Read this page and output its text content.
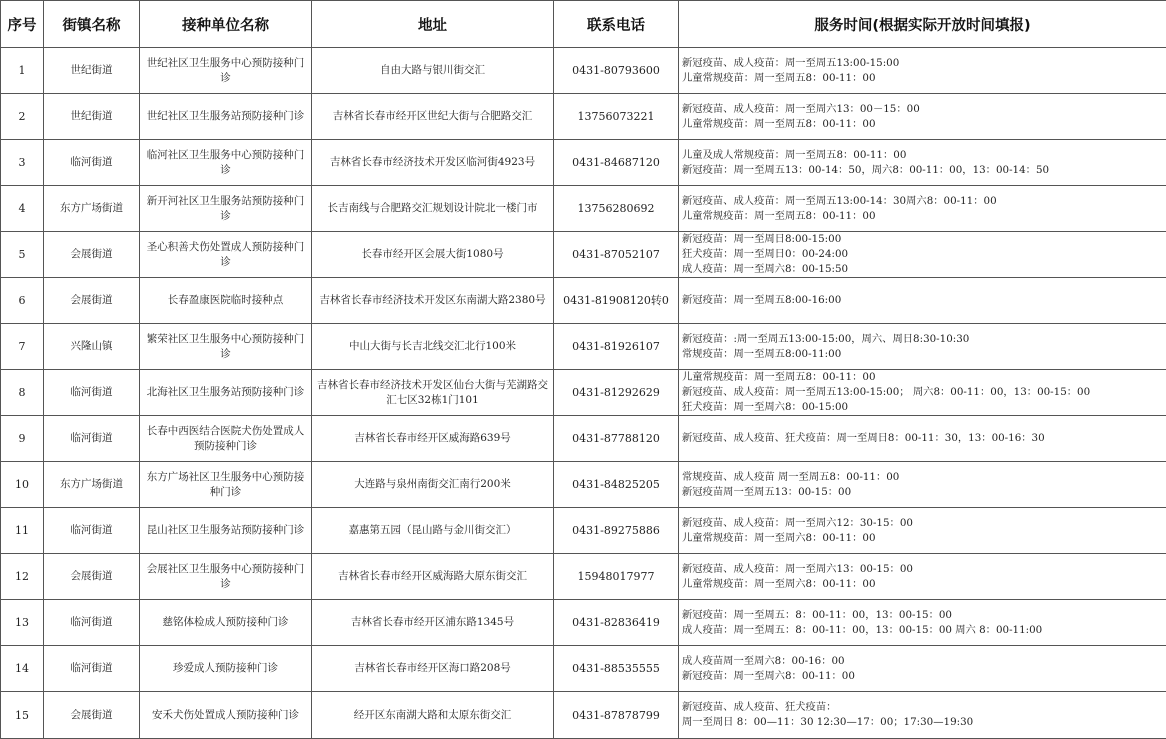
序号	街镇名称	接种单位名称	地址	联系电话	服务时间(根据实际开放时间填报)
1	世纪街道	世纪社区卫生服务中心预防接种门诊	自由大路与银川街交汇	0431-80793600	新冠疫苗、成人疫苗：周一至周五13:00-15:00
儿童常规疫苗：周一至周五8：00-11：00

2	世纪街道	世纪社区卫生服务站预防接种门诊	吉林省长春市经开区世纪大街与合肥路交汇	13756073221	新冠疫苗、成人疫苗：周一至周六13：00－15：00
儿童常规疫苗：周一至周五8：00-11：00

3	临河街道	临河社区卫生服务中心预防接种门诊	吉林省长春市经济技术开发区临河街4923号	0431-84687120	儿童及成人常规疫苗：周一至周五8：00-11：00
新冠疫苗：周一至周五13：00-14：50，周六8：00-11：00，13：00-14：50

4	东方广场街道	新开河社区卫生服务站预防接种门诊	长吉南线与合肥路交汇规划设计院北一楼门市	13756280692	新冠疫苗、成人疫苗：周一至周五13:00-14：30周六8：00-11：00
儿童常规疫苗：周一至周五8：00-11：00

5	会展街道	圣心积善犬伤处置成人预防接种门诊	长春市经开区会展大街1080号	0431-87052107	新冠疫苗：周一至周日8:00-15:00
狂犬疫苗：周一至周日0：00-24:00
成人疫苗：周一至周六8：00-15:50

6	会展街道	长春盈康医院临时接种点	吉林省长春市经济技术开发区东南湖大路2380号	0431-81908120转0	新冠疫苗：周一至周五8:00-16:00

7	兴隆山镇	繁荣社区卫生服务中心预防接种门诊	中山大街与长吉北线交汇北行100米	0431-81926107	新冠疫苗：:周一至周五13:00-15:00，周六、周日8:30-10:30
常规疫苗：周一至周五8:00-11:00

8	临河街道	北海社区卫生服务站预防接种门诊	吉林省长春市经济技术开发区仙台大街与芜湖路交汇七区32栋1门101	0431-81292629	儿童常规疫苗：周一至周五8：00-11：00
新冠疫苗、成人疫苗：周一至周五13:00-15:00； 周六8：00-11：00，13：00-15：00
狂犬疫苗：周一至周六8：00-15:00

9	临河街道	长春中西医结合医院犬伤处置成人预防接种门诊	吉林省长春市经开区威海路639号	0431-87788120	新冠疫苗、成人疫苗、狂犬疫苗：周一至周日8：00-11：30，13：00-16：30

10	东方广场街道	东方广场社区卫生服务中心预防接种门诊	大连路与泉州南街交汇南行200米	0431-84825205	常规疫苗、成人疫苗 周一至周五8：00-11：00
新冠疫苗周一至周五13：00-15：00

11	临河街道	昆山社区卫生服务站预防接种门诊	嘉惠第五园（昆山路与金川街交汇）	0431-89275886	新冠疫苗、成人疫苗：周一至周六12：30-15：00
儿童常规疫苗：周一至周六8：00-11：00

12	会展街道	会展社区卫生服务中心预防接种门诊	吉林省长春市经开区威海路大原东街交汇	15948017977	新冠疫苗、成人疫苗：周一至周六13：00-15：00
儿童常规疫苗：周一至周六8：00-11：00

13	临河街道	慈铭体检成人预防接种门诊	吉林省长春市经开区浦东路1345号	0431-82836419	新冠疫苗：周一至周五：8：00-11：00，13：00-15：00
成人疫苗：周一至周五：8：00-11：00，13：00-15：00 周六 8：00-11:00

14	临河街道	珍爱成人预防接种门诊	吉林省长春市经开区海口路208号	0431-88535555	成人疫苗周一至周六8：00-16：00
新冠疫苗：周一至周六8：00-11：00

15	会展街道	安禾犬伤处置成人预防接种门诊	经开区东南湖大路和太原东街交汇	0431-87878799	新冠疫苗、成人疫苗、狂犬疫苗：
周一至周日 8：00—11：30 12:30—17：00；17:30—19:30
